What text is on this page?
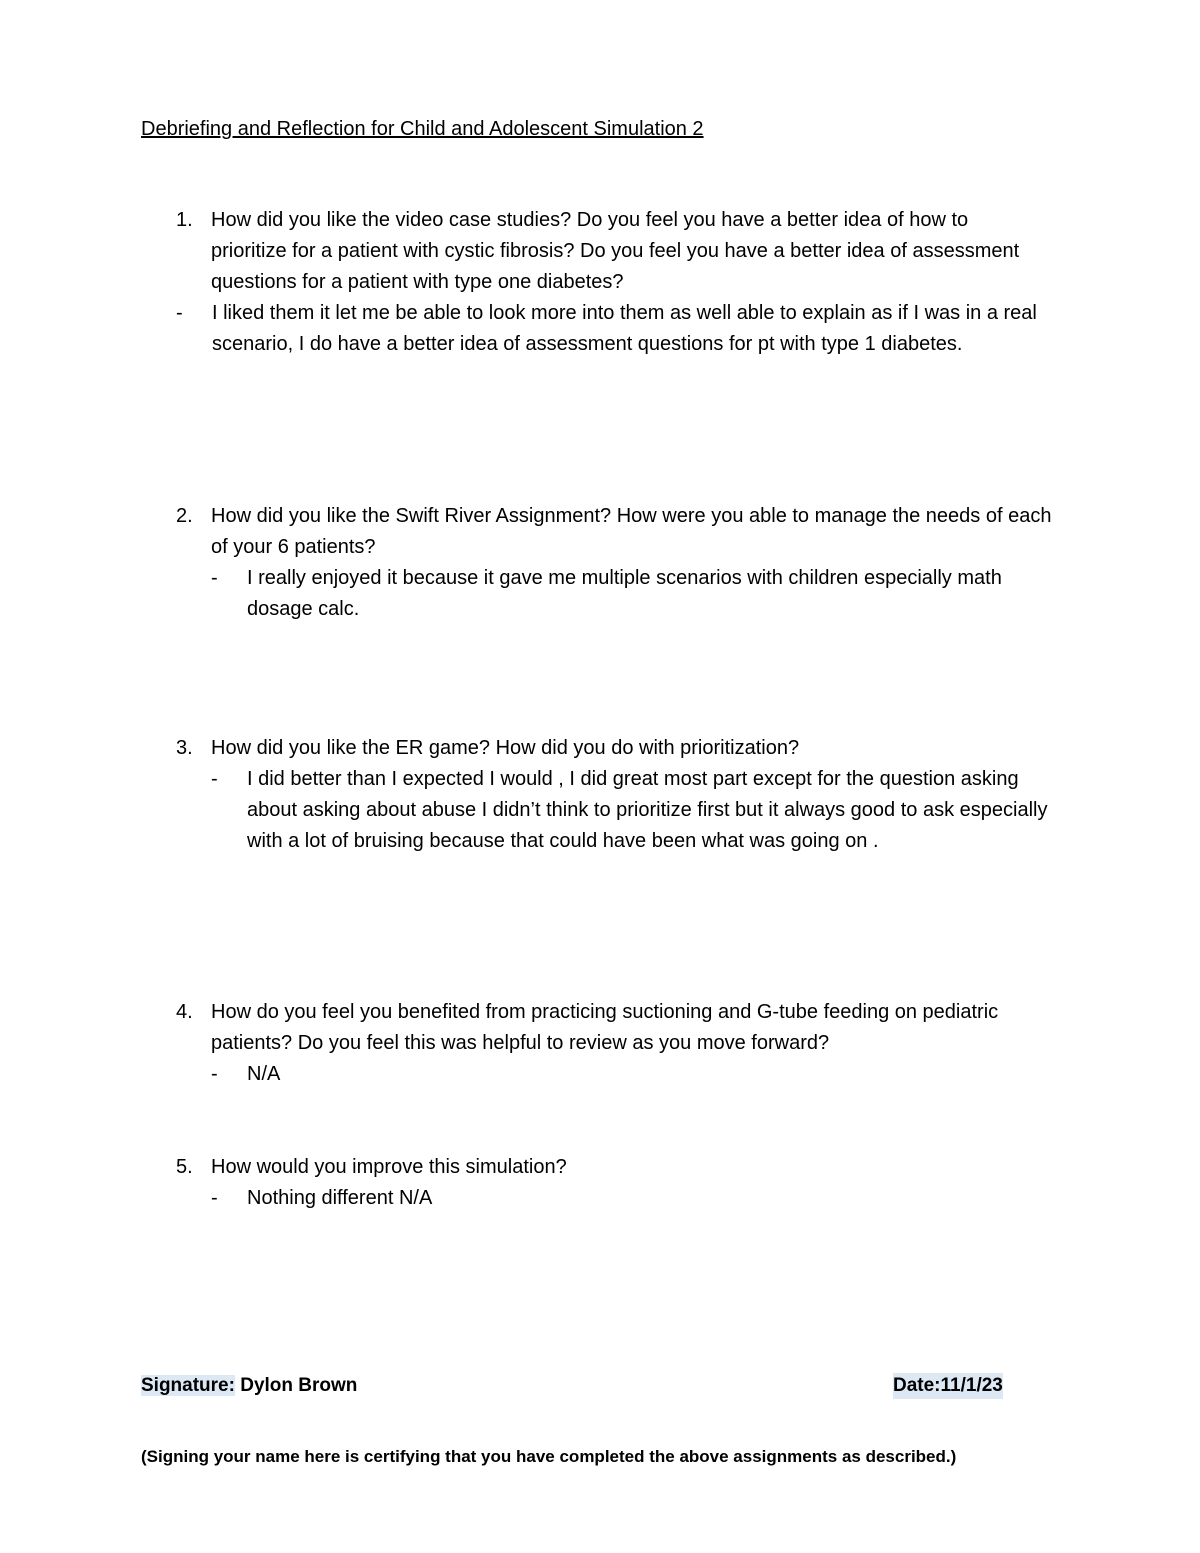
Debriefing and Reflection for Child and Adolescent Simulation 2
1. How did you like the video case studies? Do you feel you have a better idea of how to prioritize for a patient with cystic fibrosis? Do you feel you have a better idea of assessment questions for a patient with type one diabetes?
-	I liked them it let me be able to look more into them as well able to explain as if I was in a real scenario, I do have a better idea of assessment questions for pt with type 1 diabetes.
2. How did you like the Swift River Assignment? How were you able to manage the needs of each of your 6 patients?
-	I really enjoyed it because it gave me multiple scenarios with children especially math dosage calc.
3. How did you like the ER game? How did you do with prioritization?
-	I did better than I expected I would , I did great most part except for the question asking about asking about abuse I didn’t think to prioritize first but it always good to ask especially with a lot of bruising because that could have been what was going on .
4. How do you feel you benefited from practicing suctioning and G-tube feeding on pediatric patients? Do you feel this was helpful to review as you move forward?
-	N/A
5. How would you improve this simulation?
-	Nothing different N/A
Signature: Dylon Brown	Date:11/1/23
(Signing your name here is certifying that you have completed the above assignments as described.)
